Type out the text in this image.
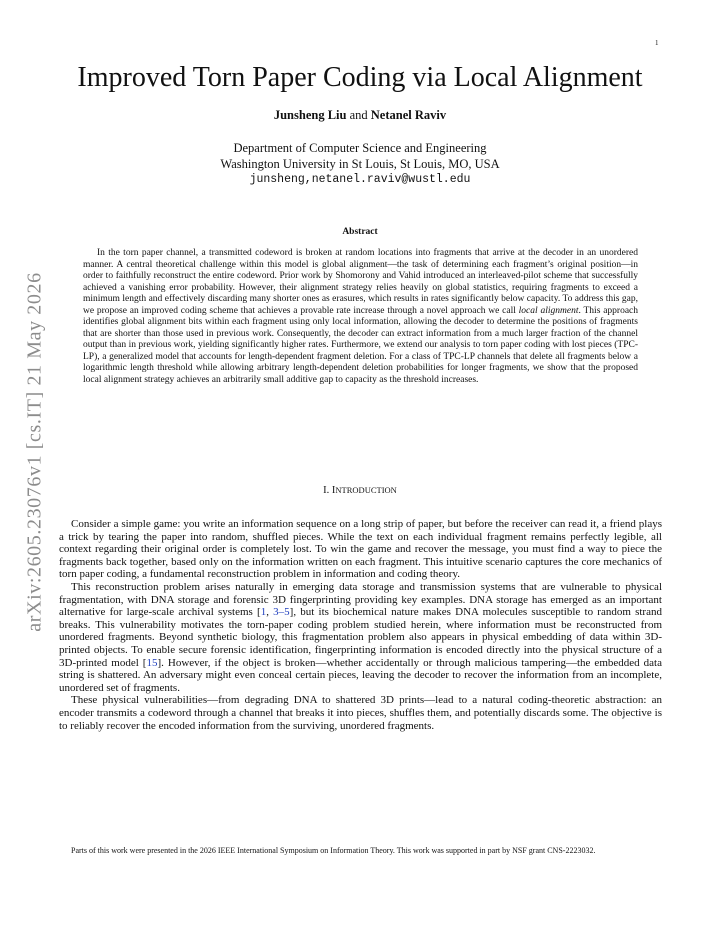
1
arXiv:2605.23076v1 [cs.IT] 21 May 2026
Improved Torn Paper Coding via Local Alignment
Junsheng Liu and Netanel Raviv
Department of Computer Science and Engineering
Washington University in St Louis, St Louis, MO, USA
junsheng,netanel.raviv@wustl.edu
Abstract

In the torn paper channel, a transmitted codeword is broken at random locations into fragments that arrive at the decoder in an unordered manner. A central theoretical challenge within this model is global alignment—the task of determining each fragment’s original position—in order to faithfully reconstruct the entire codeword. Prior work by Shomorony and Vahid introduced an interleaved-pilot scheme that successfully achieved a vanishing error probability. However, their alignment strategy relies heavily on global statistics, requiring fragments to exceed a minimum length and effectively discarding many shorter ones as erasures, which results in rates significantly below capacity. To address this gap, we propose an improved coding scheme that achieves a provable rate increase through a novel approach we call local alignment. This approach identifies global alignment bits within each fragment using only local information, allowing the decoder to determine the positions of fragments that are shorter than those used in previous work. Consequently, the decoder can extract information from a much larger fraction of the channel output than in previous work, yielding significantly higher rates. Furthermore, we extend our analysis to torn paper coding with lost pieces (TPC-LP), a generalized model that accounts for length-dependent fragment deletion. For a class of TPC-LP channels that delete all fragments below a logarithmic length threshold while allowing arbitrary length-dependent deletion probabilities for longer fragments, we show that the proposed local alignment strategy achieves an arbitrarily small additive gap to capacity as the threshold increases.

I. INTRODUCTION

Consider a simple game: you write an information sequence on a long strip of paper, but before the receiver can read it, a friend plays a trick by tearing the paper into random, shuffled pieces. While the text on each individual fragment remains perfectly legible, all context regarding their original order is completely lost. To win the game and recover the message, you must find a way to piece the fragments back together, based only on the information written on each fragment. This intuitive scenario captures the core mechanics of torn paper coding, a fundamental reconstruction problem in information and coding theory.

This reconstruction problem arises naturally in emerging data storage and transmission systems that are vulnerable to physical fragmentation, with DNA storage and forensic 3D fingerprinting providing key examples. DNA storage has emerged as an important alternative for large-scale archival systems [1, 3–5], but its biochemical nature makes DNA molecules susceptible to random strand breaks. This vulnerability motivates the torn-paper coding problem studied herein, where information must be reconstructed from unordered fragments. Beyond synthetic biology, this fragmentation problem also appears in physical embedding of data within 3D-printed objects. To enable secure forensic identification, fingerprinting information is encoded directly into the physical structure of a 3D-printed model [15]. However, if the object is broken—whether accidentally or through malicious tampering—the embedded data string is shattered. An adversary might even conceal certain pieces, leaving the decoder to recover the information from an incomplete, unordered set of fragments.

These physical vulnerabilities—from degrading DNA to shattered 3D prints—lead to a natural coding-theoretic abstraction: an encoder transmits a codeword through a channel that breaks it into pieces, shuffles them, and potentially discards some. The objective is to reliably recover the encoded information from the surviving, unordered fragments.

Parts of this work were presented in the 2026 IEEE International Symposium on Information Theory. This work was supported in part by NSF grant CNS-2223032.
